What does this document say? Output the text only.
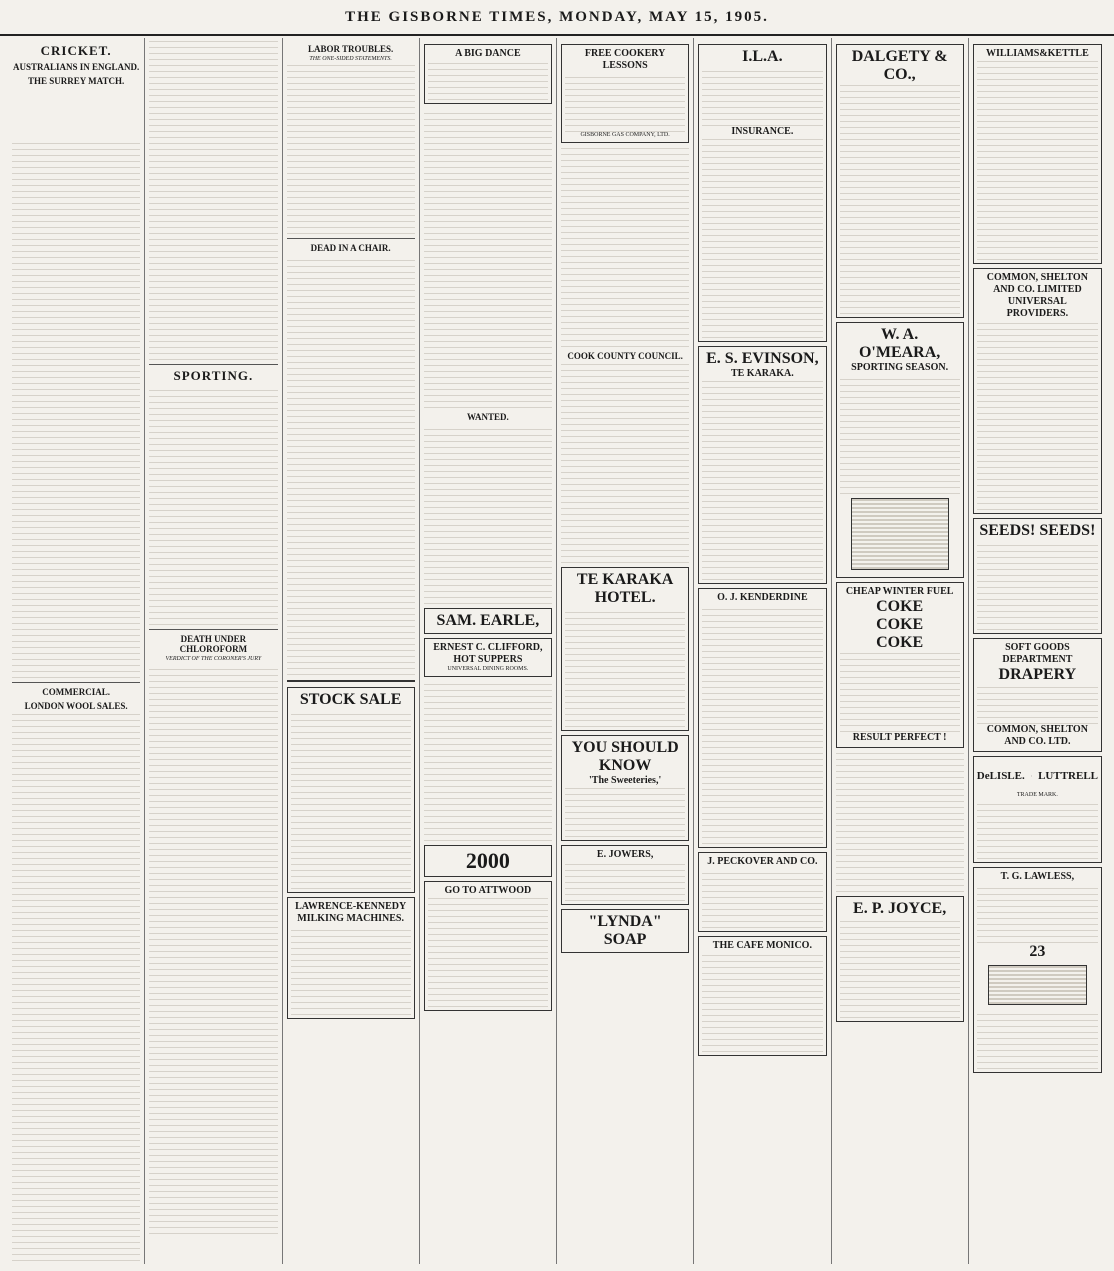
THE GISBORNE TIMES, MONDAY, MAY 15, 1905.
CRICKET.
AUSTRALIANS IN ENGLAND.
THE SURREY MATCH.

COMMERCIAL.
LONDON WOOL SALES.
SPORTING.
DEATH UNDER CHLOROFORM
VERDICT OF THE CORONER'S JURY
LABOR TROUBLES.
THE ONE-SIDED STATEMENTS.
DEAD IN A CHAIR.
STOCK SALE
LAWRENCE-KENNEDY MILKING MACHINES.
A BIG DANCE
WANTED.
SAM. EARLE,
ERNEST C. CLIFFORD,
HOT SUPPERS
UNIVERSAL DINING ROOMS.
2000
GO TO ATTWOOD
FREE COOKERY LESSONS
GISBORNE GAS COMPANY, LTD.
COOK COUNTY COUNCIL.
TE KARAKA HOTEL.
YOU SHOULD KNOW
'The Sweeteries,'
E. JOWERS,
"LYNDA"
SOAP
I.L.A.
INSURANCE.
E. S. EVINSON,
TE KARAKA.
O. J. KENDERDINE
J. PECKOVER AND CO.
THE CAFE MONICO.
DALGETY & CO.,
W. A. O'MEARA,
SPORTING SEASON.
CHEAP WINTER FUEL
COKE
COKE
COKE
RESULT PERFECT !
E. P. JOYCE,
WILLIAMS&KETTLE
COMMON, SHELTON AND CO. LIMITED
UNIVERSAL PROVIDERS.
SEEDS! SEEDS!
SOFT GOODS DEPARTMENT
DRAPERY
COMMON, SHELTON AND CO. LTD.
DeLISLE. LUTTRELL
TRADE MARK.
T. G. LAWLESS,
23
